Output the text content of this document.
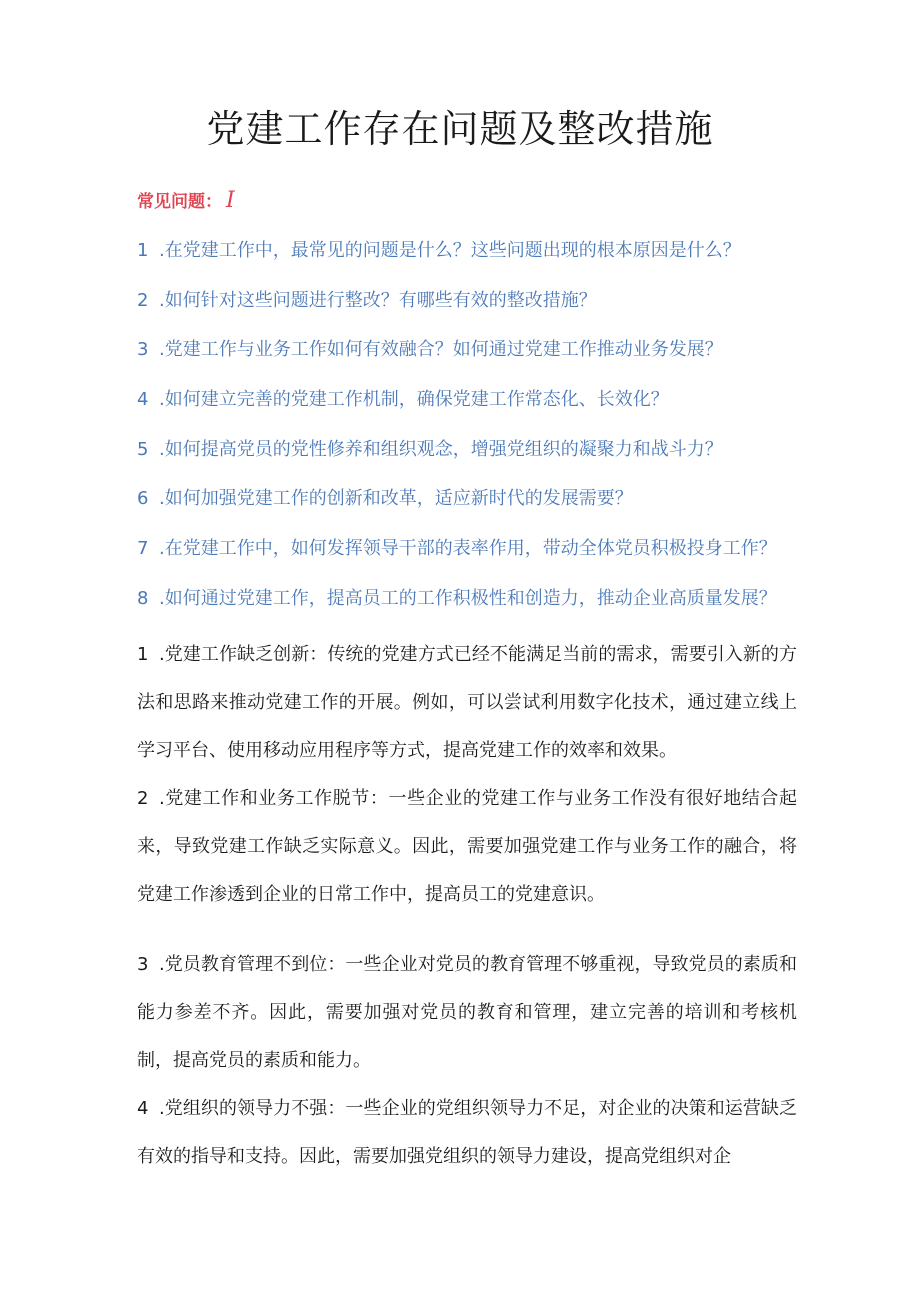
党建工作存在问题及整改措施
常见问题： I
1 .在党建工作中，最常见的问题是什么？这些问题出现的根本原因是什么？
2 .如何针对这些问题进行整改？有哪些有效的整改措施？
3 .党建工作与业务工作如何有效融合？如何通过党建工作推动业务发展？
4 .如何建立完善的党建工作机制，确保党建工作常态化、长效化？
5 .如何提高党员的党性修养和组织观念，增强党组织的凝聚力和战斗力？
6 .如何加强党建工作的创新和改革，适应新时代的发展需要？
7 .在党建工作中，如何发挥领导干部的表率作用，带动全体党员积极投身工作？
8 .如何通过党建工作，提高员工的工作积极性和创造力，推动企业高质量发展？
1 .党建工作缺乏创新：传统的党建方式已经不能满足当前的需求，需要引入新的方法和思路来推动党建工作的开展。例如，可以尝试利用数字化技术，通过建立线上学习平台、使用移动应用程序等方式，提高党建工作的效率和效果。
2 .党建工作和业务工作脱节：一些企业的党建工作与业务工作没有很好地结合起来，导致党建工作缺乏实际意义。因此，需要加强党建工作与业务工作的融合，将党建工作渗透到企业的日常工作中，提高员工的党建意识。
3 .党员教育管理不到位：一些企业对党员的教育管理不够重视，导致党员的素质和能力参差不齐。因此，需要加强对党员的教育和管理，建立完善的培训和考核机制，提高党员的素质和能力。
4 .党组织的领导力不强：一些企业的党组织领导力不足，对企业的决策和运营缺乏有效的指导和支持。因此，需要加强党组织的领导力建设，提高党组织对企
